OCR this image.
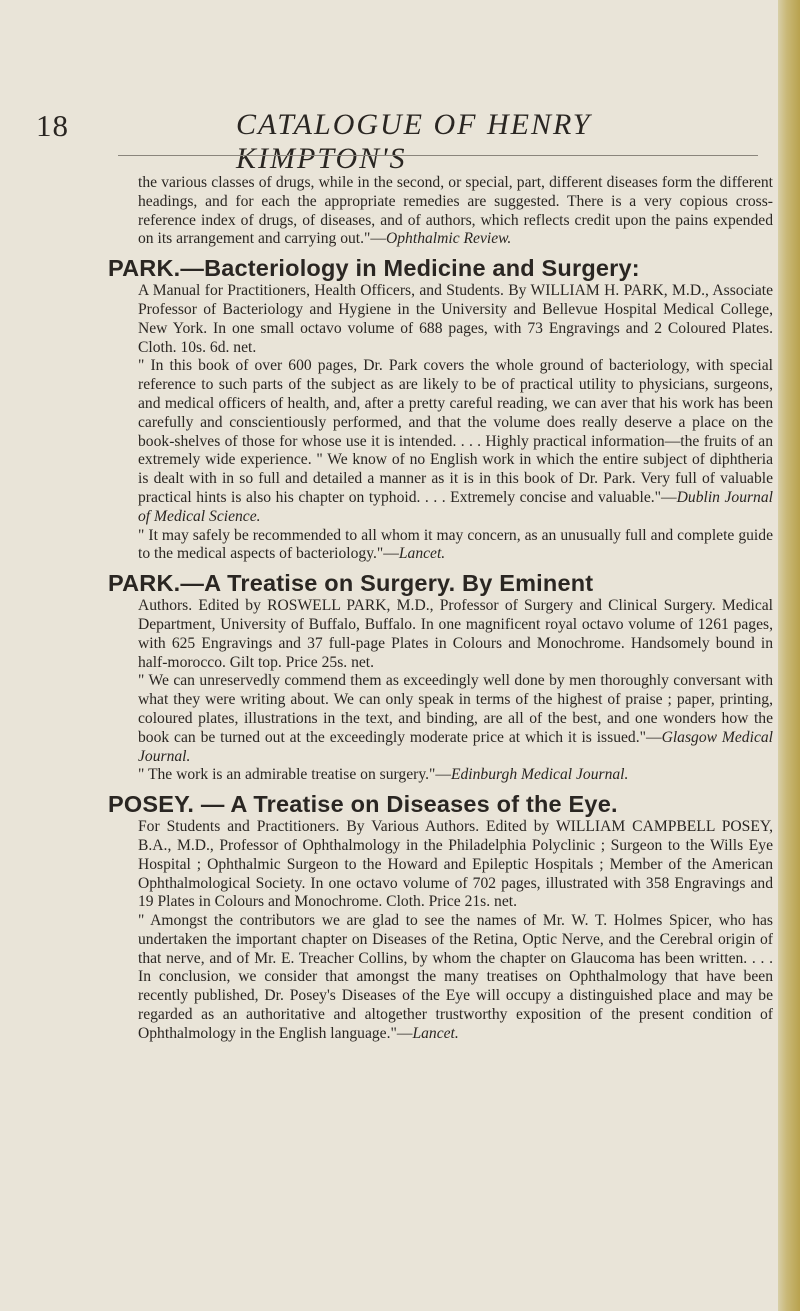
18	CATALOGUE OF HENRY KIMPTON'S

the various classes of drugs, while in the second, or special, part, different diseases form the different headings, and for each the appropriate remedies are suggested. There is a very copious cross-reference index of drugs, of diseases, and of authors, which reflects credit upon the pains expended on its arrangement and carrying out."—Ophthalmic Review.

PARK.—Bacteriology in Medicine and Surgery:

A Manual for Practitioners, Health Officers, and Students. By WILLIAM H. PARK, M.D., Associate Professor of Bacteriology and Hygiene in the University and Bellevue Hospital Medical College, New York. In one small octavo volume of 688 pages, with 73 Engravings and 2 Coloured Plates. Cloth. 10s. 6d. net.

" In this book of over 600 pages, Dr. Park covers the whole ground of bacteriology, with special reference to such parts of the subject as are likely to be of practical utility to physicians, surgeons, and medical officers of health, and, after a pretty careful reading, we can aver that his work has been carefully and conscientiously performed, and that the volume does really deserve a place on the book-shelves of those for whose use it is intended. . . . Highly practical information—the fruits of an extremely wide experience. " We know of no English work in which the entire subject of diphtheria is dealt with in so full and detailed a manner as it is in this book of Dr. Park. Very full of valuable practical hints is also his chapter on typhoid. . . . Extremely concise and valuable."—Dublin Journal of Medical Science.

" It may safely be recommended to all whom it may concern, as an unusually full and complete guide to the medical aspects of bacteriology."—Lancet.

PARK.—A Treatise on Surgery. By Eminent

Authors. Edited by ROSWELL PARK, M.D., Professor of Surgery and Clinical Surgery. Medical Department, University of Buffalo, Buffalo. In one magnificent royal octavo volume of 1261 pages, with 625 Engravings and 37 full-page Plates in Colours and Monochrome. Handsomely bound in half-morocco. Gilt top. Price 25s. net.

" We can unreservedly commend them as exceedingly well done by men thoroughly conversant with what they were writing about. We can only speak in terms of the highest of praise ; paper, printing, coloured plates, illustrations in the text, and binding, are all of the best, and one wonders how the book can be turned out at the exceedingly moderate price at which it is issued."—Glasgow Medical Journal.

" The work is an admirable treatise on surgery."—Edinburgh Medical Journal.

POSEY. — A Treatise on Diseases of the Eye.

For Students and Practitioners. By Various Authors. Edited by WILLIAM CAMPBELL POSEY, B.A., M.D., Professor of Ophthalmology in the Philadelphia Polyclinic ; Surgeon to the Wills Eye Hospital ; Ophthalmic Surgeon to the Howard and Epileptic Hospitals ; Member of the American Ophthalmological Society. In one octavo volume of 702 pages, illustrated with 358 Engravings and 19 Plates in Colours and Monochrome. Cloth. Price 21s. net.

" Amongst the contributors we are glad to see the names of Mr. W. T. Holmes Spicer, who has undertaken the important chapter on Diseases of the Retina, Optic Nerve, and the Cerebral origin of that nerve, and of Mr. E. Treacher Collins, by whom the chapter on Glaucoma has been written. . . . In conclusion, we consider that amongst the many treatises on Ophthalmology that have been recently published, Dr. Posey's Diseases of the Eye will occupy a distinguished place and may be regarded as an authoritative and altogether trustworthy exposition of the present condition of Ophthalmology in the English language."—Lancet.
